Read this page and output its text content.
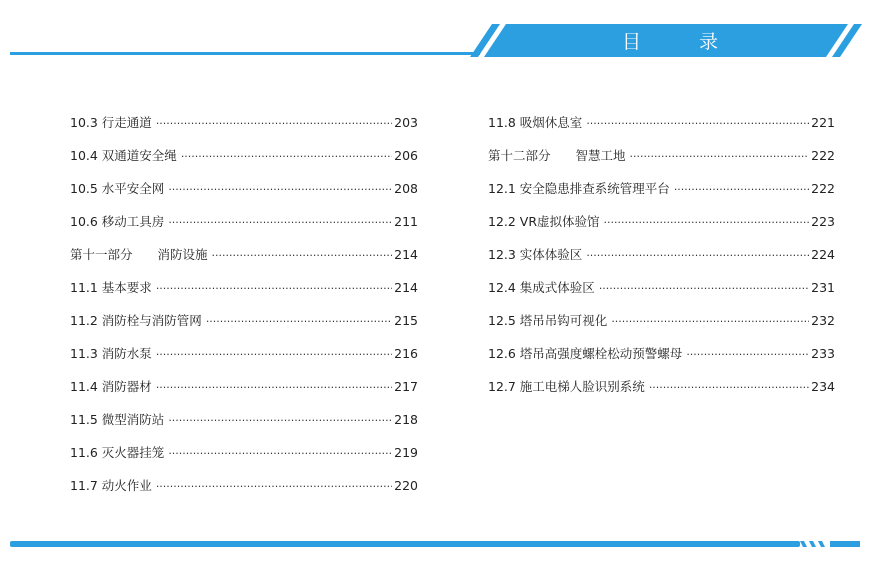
目 录
10.3 行走通道 ·····	203
10.4 双通道安全绳 ·····	206
10.5 水平安全网 ·····	208
10.6 移动工具房 ·····	211
第十一部分　　消防设施 ·····	214
11.1 基本要求 ·····	214
11.2 消防栓与消防管网 ·····	215
11.3 消防水泵 ·····	216
11.4 消防器材 ·····	217
11.5 微型消防站 ·····	218
11.6 灭火器挂笼 ·····	219
11.7 动火作业 ·····	220
11.8 吸烟休息室 ·····	221
第十二部分　　智慧工地 ·····	222
12.1 安全隐患排查系统管理平台 ·····	222
12.2 VR虚拟体验馆 ·····	223
12.3 实体体验区 ·····	224
12.4 集成式体验区 ·····	231
12.5 塔吊吊钩可视化 ·····	232
12.6 塔吊高强度螺栓松动预警螺母 ·····	233
12.7 施工电梯人脸识别系统 ·····	234
